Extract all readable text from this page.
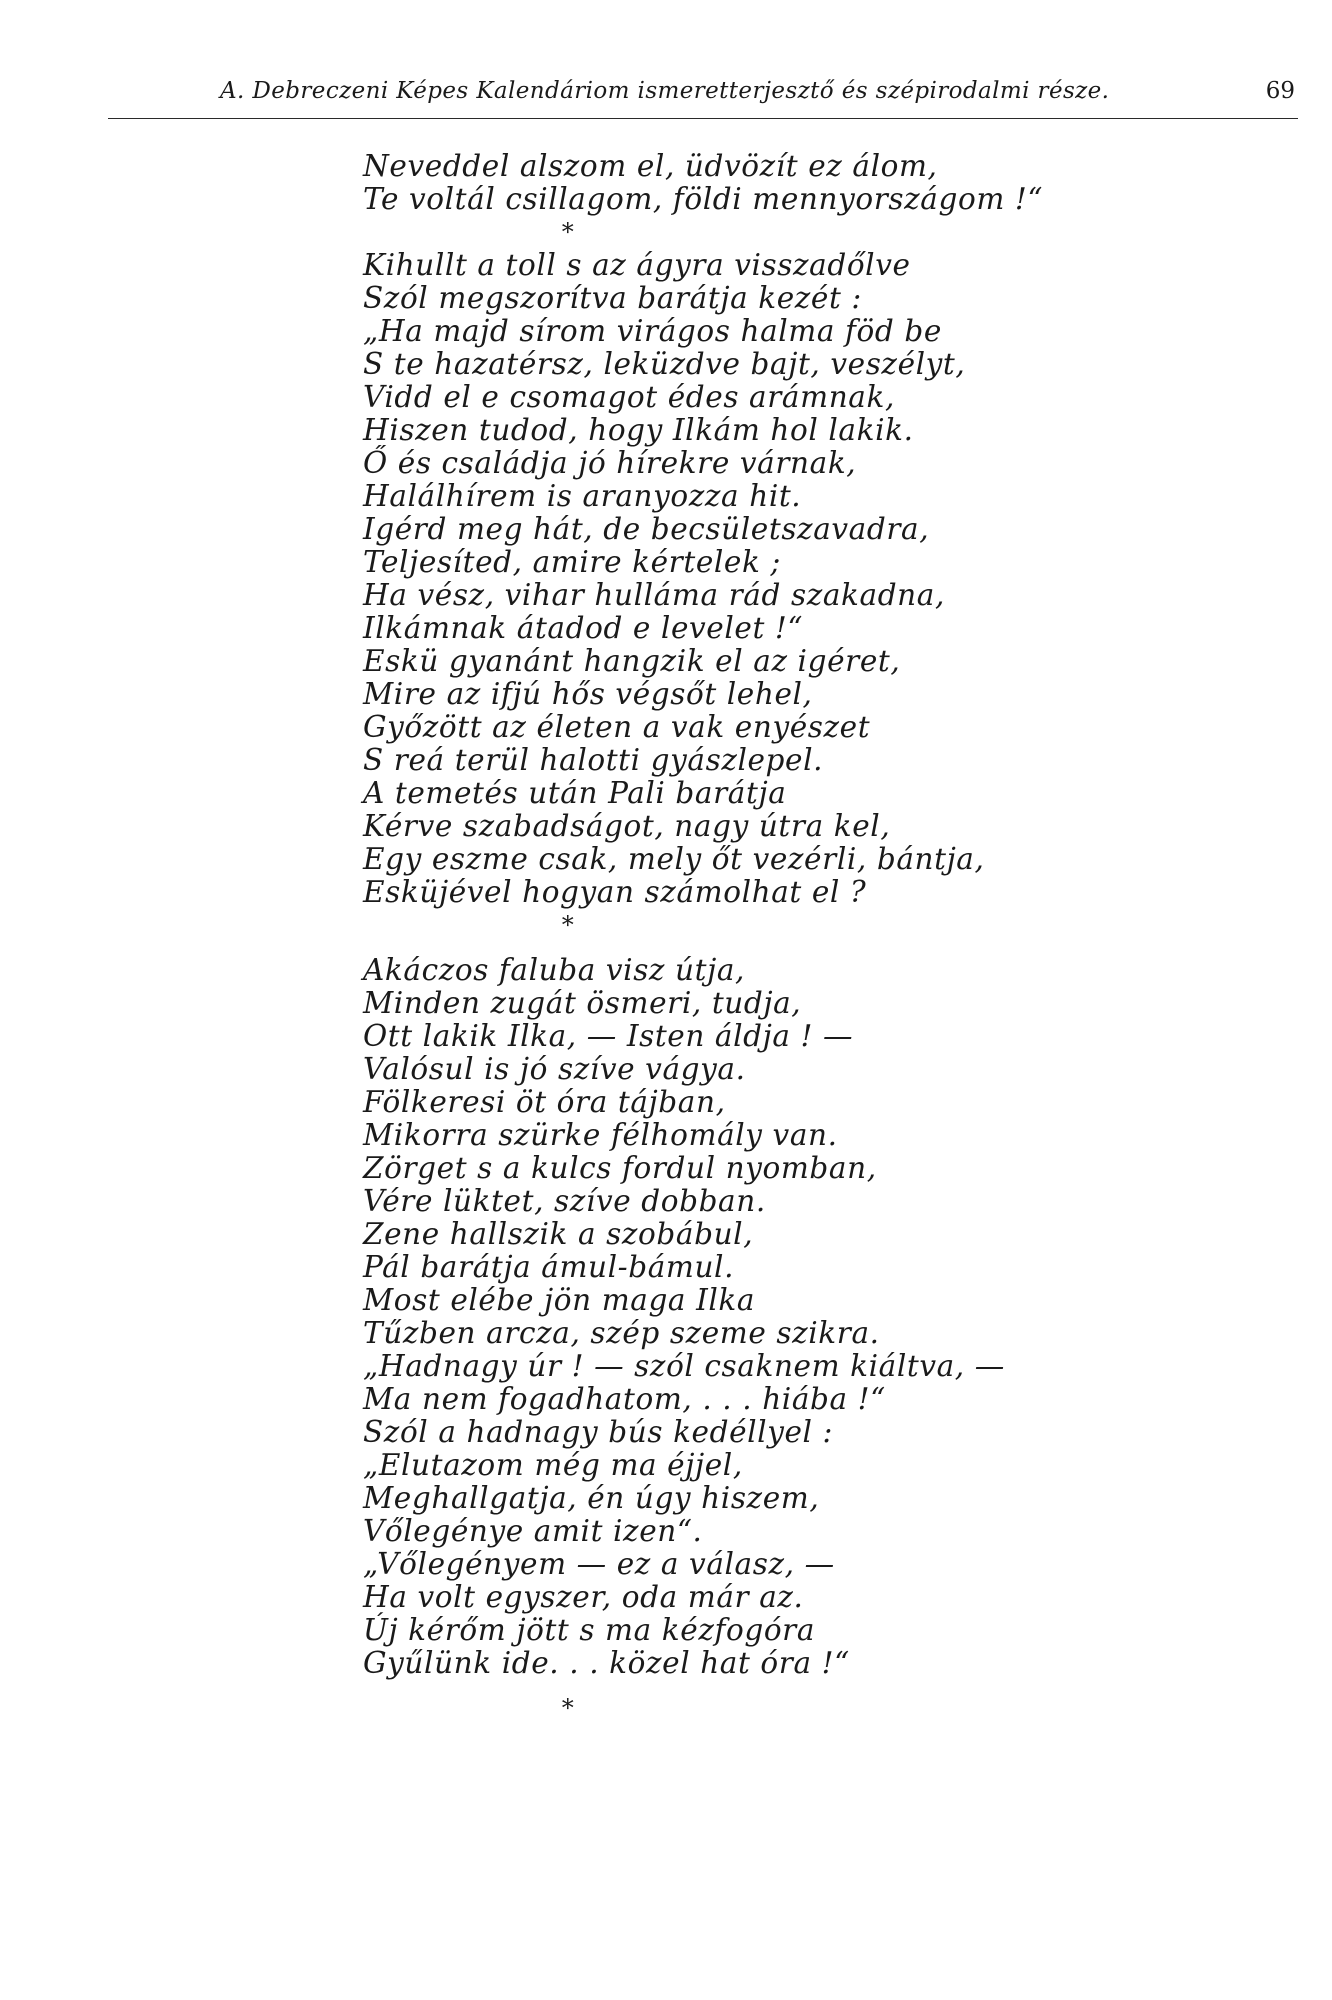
A. Debreczeni Képes Kalendáriom ismeretterjesztő és szépirodalmi része.	69
Neveddel alszom el, üdvözít ez álom,
Te voltál csillagom, földi mennyországom !“
*
Kihullt a toll s az ágyra visszadőlve
Szól megszorítva barátja kezét :
„Ha majd sírom virágos halma föd be
S te hazatérsz, leküzdve bajt, veszélyt,
Vidd el e csomagot édes arámnak,
Hiszen tudod, hogy Ilkám hol lakik.
Ő és családja jó hírekre várnak,
Halálhírem is aranyozza hit.
Igérd meg hát, de becsületszavadra,
Teljesíted, amire kértelek ;
Ha vész, vihar hulláma rád szakadna,
Ilkámnak átadod e levelet !“
Eskü gyanánt hangzik el az igéret,
Mire az ifjú hős végsőt lehel,
Győzött az életen a vak enyészet
S reá terül halotti gyászlepel.
A temetés után Pali barátja
Kérve szabadságot, nagy útra kel,
Egy eszme csak, mely őt vezérli, bántja,
Esküjével hogyan számolhat el ?
*
Akáczos faluba visz útja,
Minden zugát ösmeri, tudja,
Ott lakik Ilka, — Isten áldja ! —
Valósul is jó szíve vágya.
Fölkeresi öt óra tájban,
Mikorra szürke félhomály van.
Zörget s a kulcs fordul nyomban,
Vére lüktet, szíve dobban.
Zene hallszik a szobábul,
Pál barátja ámul-bámul.
Most elébe jön maga Ilka
Tűzben arcza, szép szeme szikra.
„Hadnagy úr ! — szól csaknem kiáltva, —
Ma nem fogadhatom, . . . hiába !“
Szól a hadnagy bús kedéllyel :
„Elutazom még ma éjjel,
Meghallgatja, én úgy hiszem,
Vőlegénye amit izen“.
„Vőlegényem — ez a válasz, —
Ha volt egyszer, oda már az.
Új kérőm jött s ma kézfogóra
Gyűlünk ide. . . közel hat óra !“
*
